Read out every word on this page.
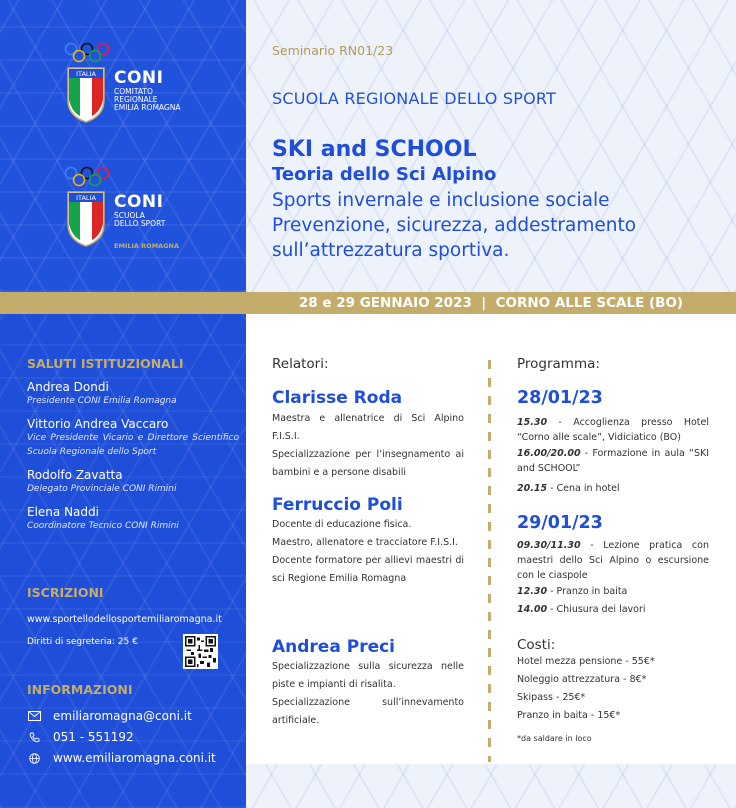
ITALIA CONI
COMITATO
REGIONALE
EMILIA ROMAGNA
ITALIA CONI
SCUOLA
DELLO SPORT
EMILIA ROMAGNA
Seminario RN01/23
SCUOLA REGIONALE DELLO SPORT
SKI and SCHOOL
Teoria dello Sci Alpino
Sports invernale e inclusione sociale
Prevenzione, sicurezza, addestramento
sull’attrezzatura sportiva.
28 e 29 GENNAIO 2023  |  CORNO ALLE SCALE (BO)
SALUTI ISTITUZIONALI
Andrea Dondi
Presidente CONI Emilia Romagna
Vittorio Andrea Vaccaro
Vice Presidente Vicario e Direttore Scientifico Scuola Regionale dello Sport
Rodolfo Zavatta
Delegato Provinciale CONI Rimini
Elena Naddi
Coordinatore Tecnico CONI Rimini
ISCRIZIONI
www.sportellodellosportemiliaromagna.it
Diritti di segreteria: 25 €
INFORMAZIONI
emiliaromagna@coni.it
051 - 551192
www.emiliaromagna.coni.it
Relatori:
Clarisse Roda
Maestra e allenatrice di Sci Alpino F.I.S.I.
Specializzazione per l’insegnamento ai bambini e a persone disabili
Ferruccio Poli
Docente di educazione fisica.
Maestro, allenatore e tracciatore F.I.S.I.
Docente formatore per allievi maestri di sci Regione Emilia Romagna
Andrea Preci
Specializzazione sulla sicurezza nelle piste e impianti di risalita.
Specializzazione sull’innevamento artificiale.
Programma:
28/01/23
15.30 - Accoglienza presso Hotel “Corno alle scale”, Vidiciatico (BO)
16.00/20.00 - Formazione in aula “SKI and SCHOOL”
20.15 - Cena in hotel
29/01/23
09.30/11.30 - Lezione pratica con maestri dello Sci Alpino o escursione con le ciaspole
12.30 - Pranzo in baita
14.00 - Chiusura dei lavori
Costi:
Hotel mezza pensione - 55€*
Noleggio attrezzatura - 8€*
Skipass - 25€*
Pranzo in baita - 15€*
*da saldare in loco
